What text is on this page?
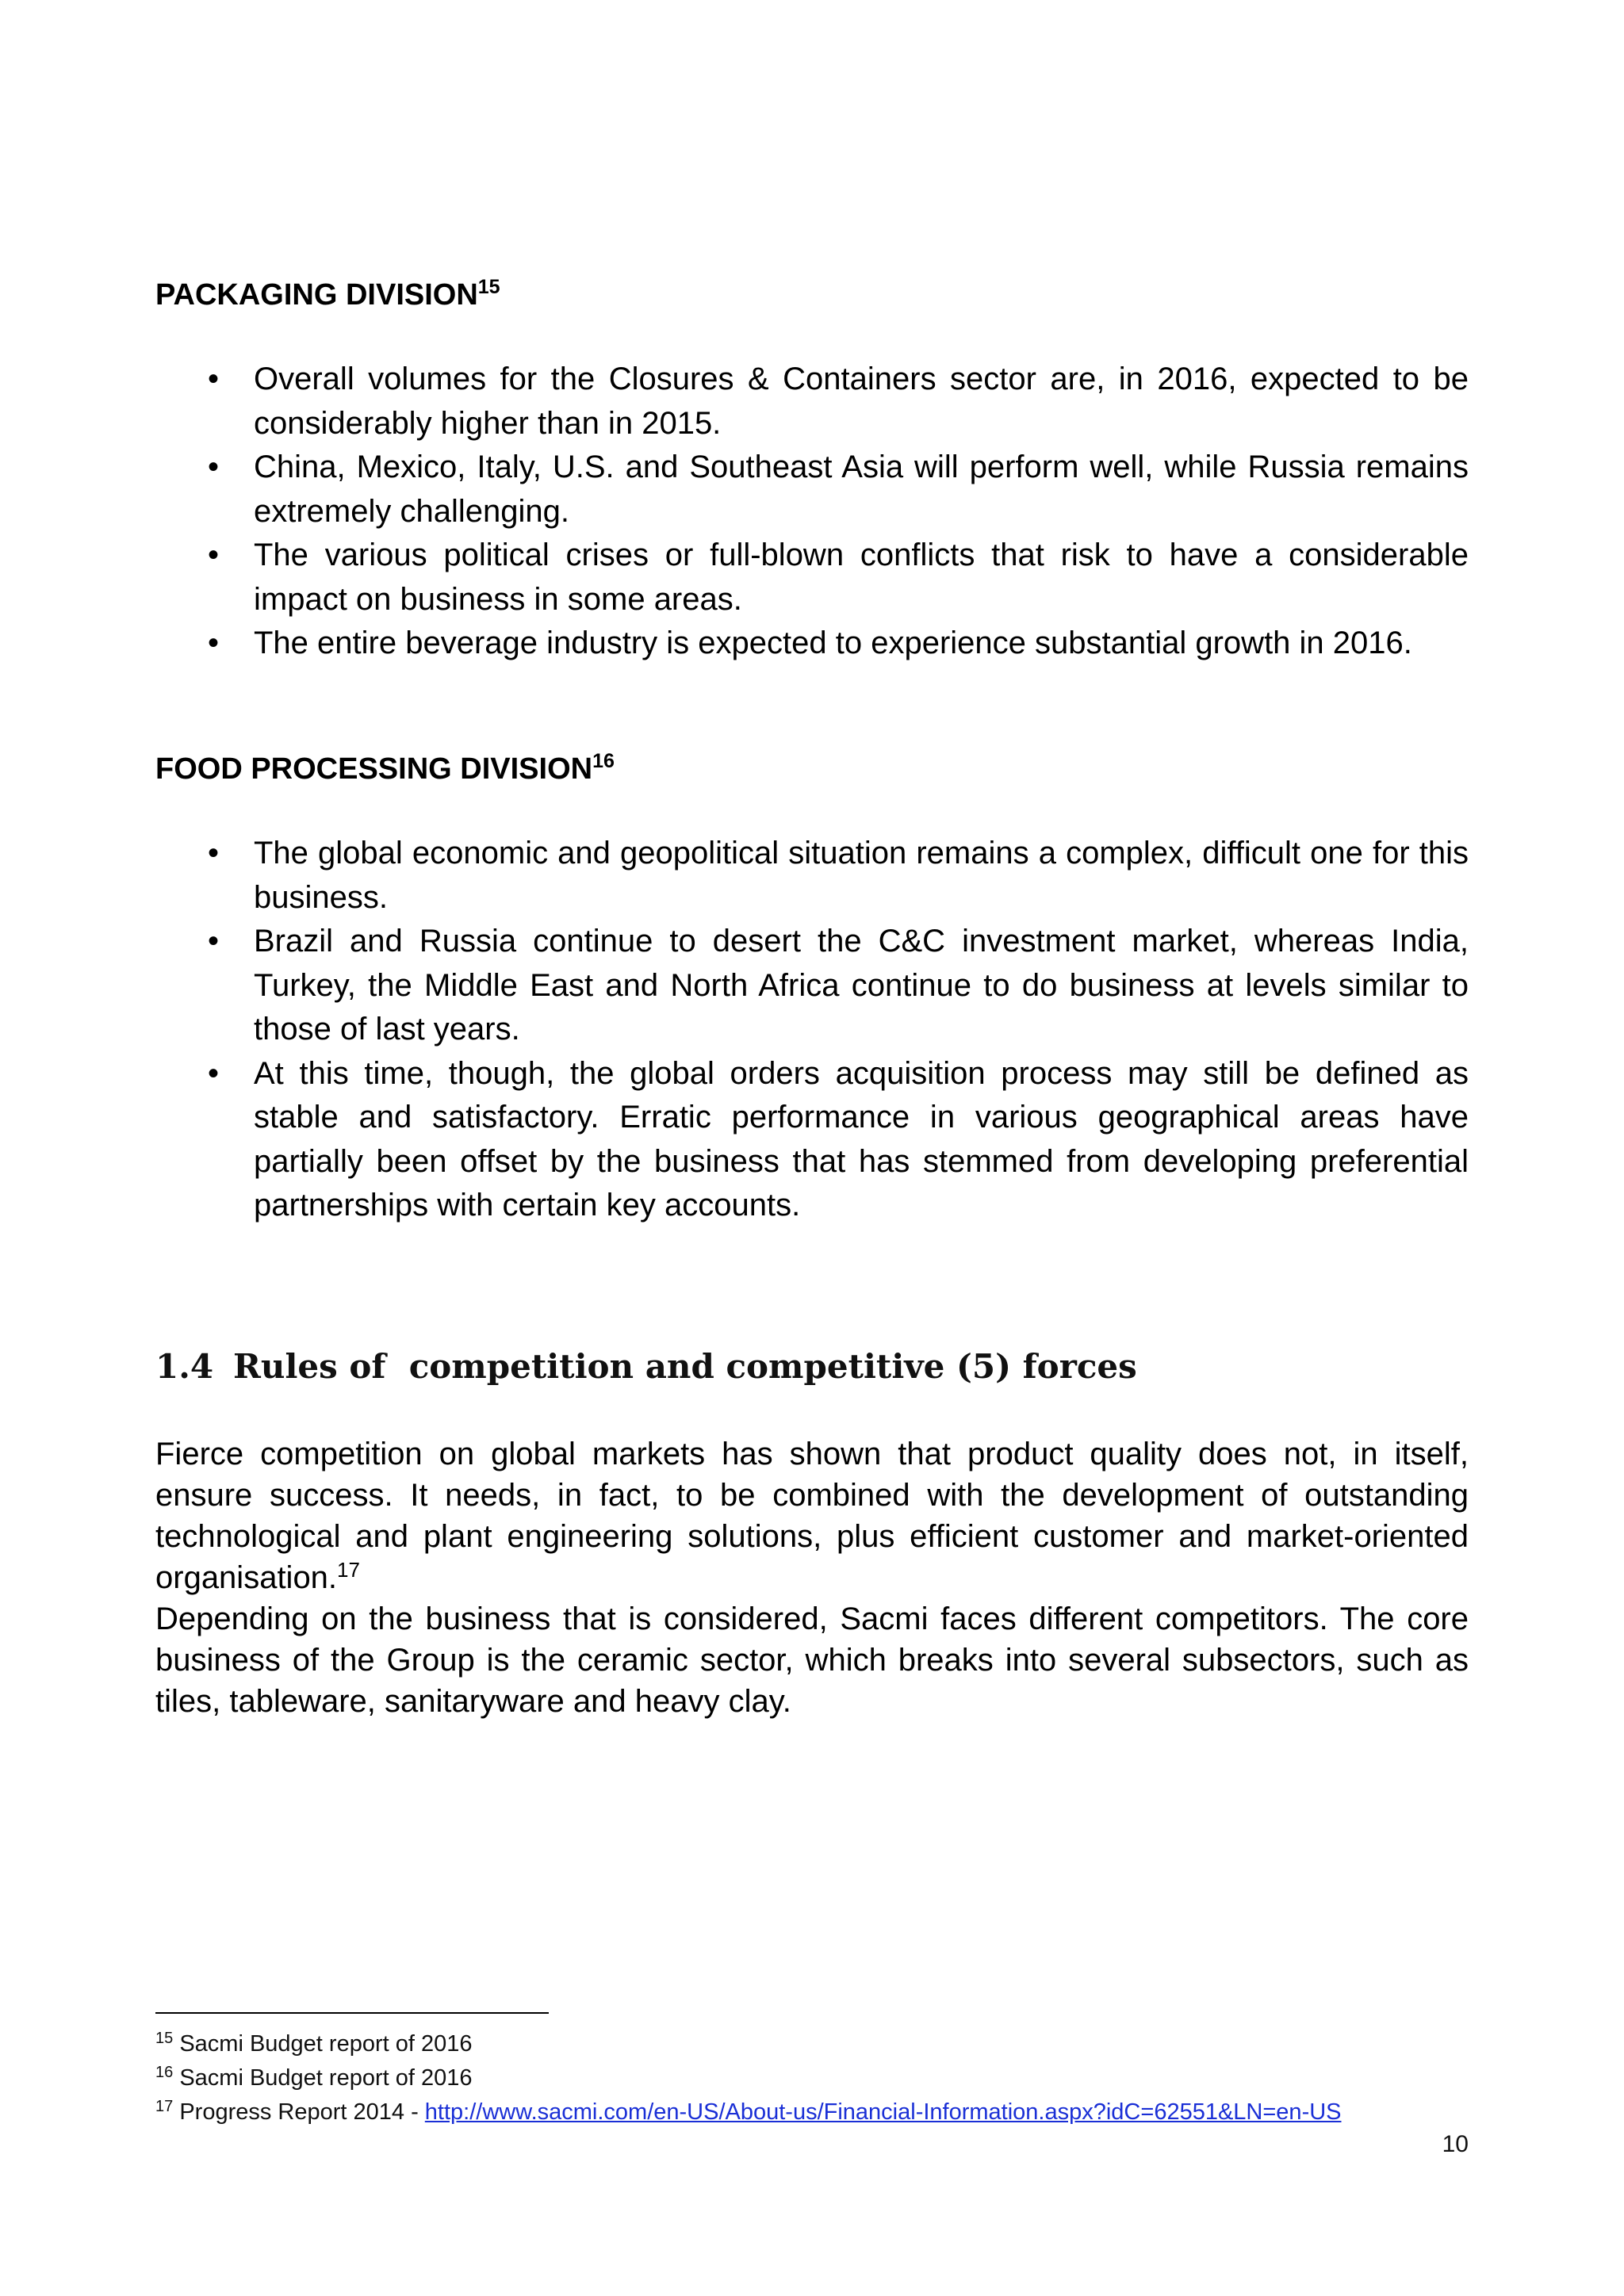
PACKAGING DIVISION$^{15}$
• Overall volumes for the Closures & Containers sector are, in 2016, expected to be considerably higher than in 2015.
• China, Mexico, Italy, U.S. and Southeast Asia will perform well, while Russia remains extremely challenging.
• The various political crises or full-blown conflicts that risk to have a considerable impact on business in some areas.
• The entire beverage industry is expected to experience substantial growth in 2016.
FOOD PROCESSING DIVISION$^{16}$
• The global economic and geopolitical situation remains a complex, difficult one for this business.
• Brazil and Russia continue to desert the C&C investment market, whereas India, Turkey, the Middle East and North Africa continue to do business at levels similar to those of last years.
• At this time, though, the global orders acquisition process may still be defined as stable and satisfactory. Erratic performance in various geographical areas have partially been offset by the business that has stemmed from developing preferential partnerships with certain key accounts.
1.4 Rules of  competition and competitive (5) forces

Fierce competition on global markets has shown that product quality does not, in itself, ensure success. It needs, in fact, to be combined with the development of outstanding technological and plant engineering solutions, plus efficient customer and market-oriented organisation.$^{17}$

Depending on the business that is considered, Sacmi faces different competitors. The core business of the Group is the ceramic sector, which breaks into several subsectors, such as tiles, tableware, sanitaryware and heavy clay.

$^{15}$ Sacmi Budget report of 2016
$^{16}$ Sacmi Budget report of 2016
$^{17}$ Progress Report 2014 - http://www.sacmi.com/en-US/About-us/Financial-Information.aspx?idC=62551&LN=en-US
10
